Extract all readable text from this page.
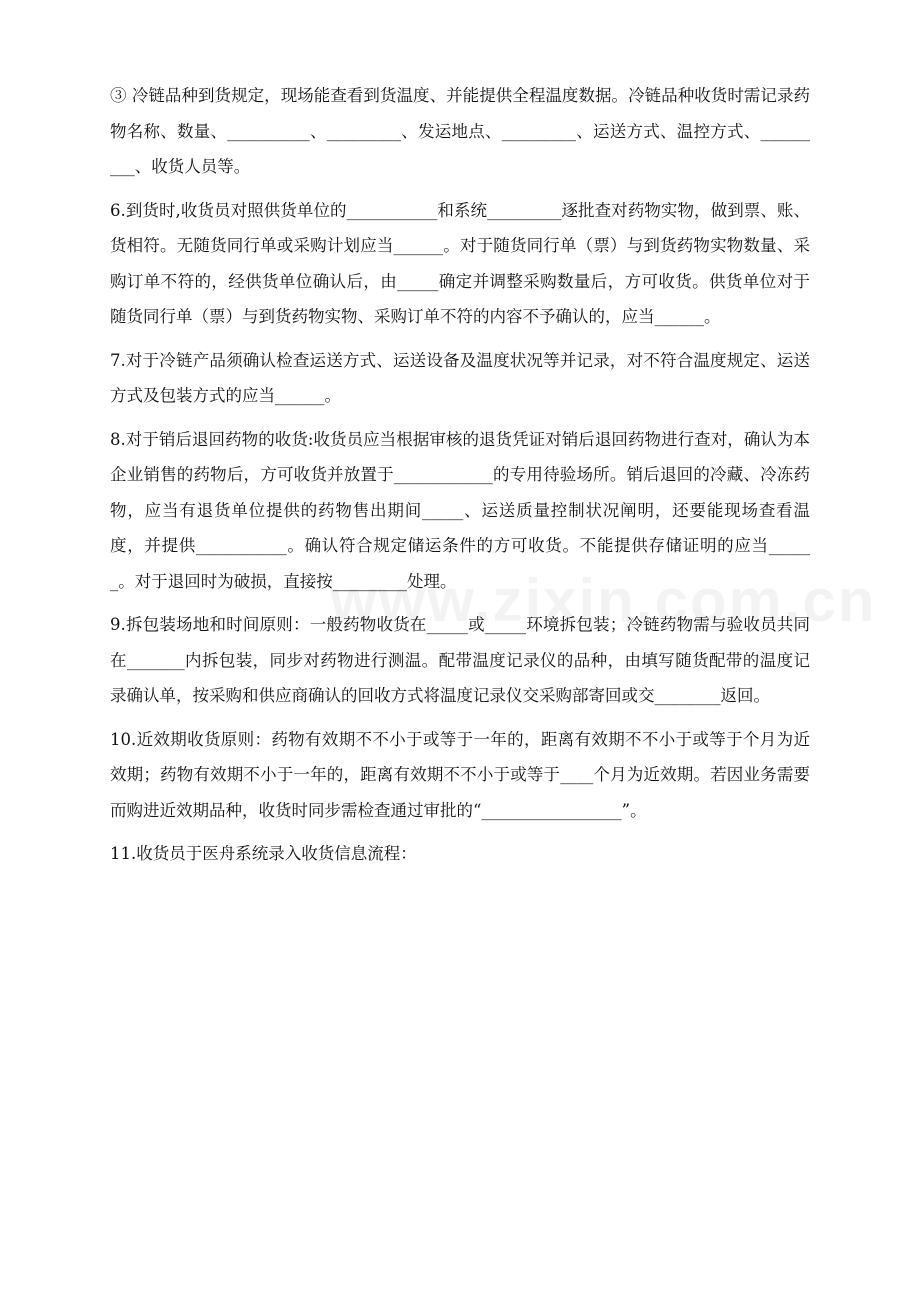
③ 冷链品种到货规定，现场能查看到货温度、并能提供全程温度数据。冷链品种收货时需记录药物名称、数量、__________、_________、发运地点、_________、运送方式、温控方式、_________、收货人员等。

6.到货时,收货员对照供货单位的___________和系统_________逐批查对药物实物，做到票、账、货相符。无随货同行单或采购计划应当______。对于随货同行单（票）与到货药物实物数量、采购订单不符的，经供货单位确认后，由_____确定并调整采购数量后，方可收货。供货单位对于随货同行单（票）与到货药物实物、采购订单不符的内容不予确认的，应当______。

7.对于冷链产品须确认检查运送方式、运送设备及温度状况等并记录，对不符合温度规定、运送方式及包装方式的应当______。

8.对于销后退回药物的收货:收货员应当根据审核的退货凭证对销后退回药物进行查对，确认为本企业销售的药物后，方可收货并放置于____________的专用待验场所。销后退回的冷藏、冷冻药物，应当有退货单位提供的药物售出期间_____、运送质量控制状况阐明，还要能现场查看温度，并提供___________。确认符合规定储运条件的方可收货。不能提供存储证明的应当______。对于退回时为破损，直接按_________处理。

9.拆包装场地和时间原则：一般药物收货在_____或_____环境拆包装；冷链药物需与验收员共同在_______内拆包装，同步对药物进行测温。配带温度记录仪的品种，由填写随货配带的温度记录确认单，按采购和供应商确认的回收方式将温度记录仪交采购部寄回或交________返回。

10.近效期收货原则：药物有效期不不小于或等于一年的，距离有效期不不小于或等于个月为近效期；药物有效期不小于一年的，距离有效期不不小于或等于____个月为近效期。若因业务需要而购进近效期品种，收货时同步需检查通过审批的“_________________”。

11.收货员于医舟系统录入收货信息流程：
